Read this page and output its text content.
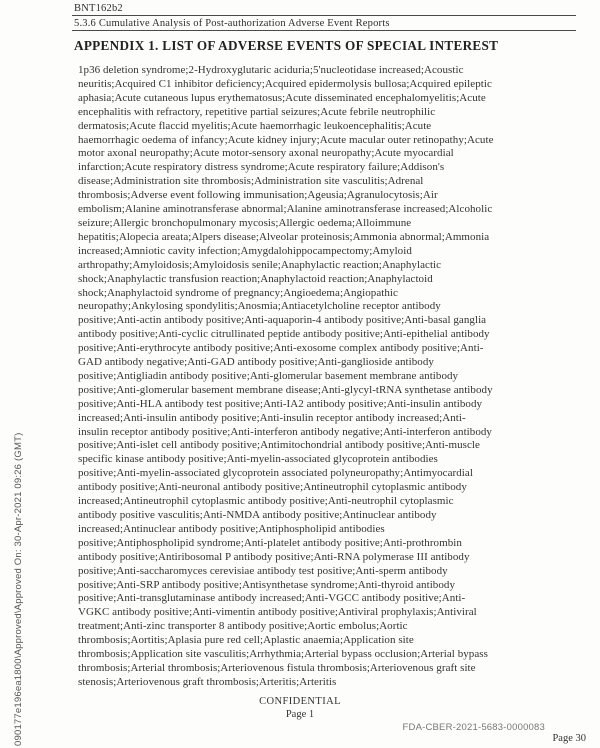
BNT162b2
5.3.6 Cumulative Analysis of Post-authorization Adverse Event Reports
APPENDIX 1. LIST OF ADVERSE EVENTS OF SPECIAL INTEREST
1p36 deletion syndrome;2-Hydroxyglutaric aciduria;5'nucleotidase increased;Acoustic
neuritis;Acquired C1 inhibitor deficiency;Acquired epidermolysis bullosa;Acquired epileptic
aphasia;Acute cutaneous lupus erythematosus;Acute disseminated encephalomyelitis;Acute
encephalitis with refractory, repetitive partial seizures;Acute febrile neutrophilic
dermatosis;Acute flaccid myelitis;Acute haemorrhagic leukoencephalitis;Acute
haemorrhagic oedema of infancy;Acute kidney injury;Acute macular outer retinopathy;Acute
motor axonal neuropathy;Acute motor-sensory axonal neuropathy;Acute myocardial
infarction;Acute respiratory distress syndrome;Acute respiratory failure;Addison's
disease;Administration site thrombosis;Administration site vasculitis;Adrenal
thrombosis;Adverse event following immunisation;Ageusia;Agranulocytosis;Air
embolism;Alanine aminotransferase abnormal;Alanine aminotransferase increased;Alcoholic
seizure;Allergic bronchopulmonary mycosis;Allergic oedema;Alloimmune
hepatitis;Alopecia areata;Alpers disease;Alveolar proteinosis;Ammonia abnormal;Ammonia
increased;Amniotic cavity infection;Amygdalohippocampectomy;Amyloid
arthropathy;Amyloidosis;Amyloidosis senile;Anaphylactic reaction;Anaphylactic
shock;Anaphylactic transfusion reaction;Anaphylactoid reaction;Anaphylactoid
shock;Anaphylactoid syndrome of pregnancy;Angioedema;Angiopathic
neuropathy;Ankylosing spondylitis;Anosmia;Antiacetylcholine receptor antibody
positive;Anti-actin antibody positive;Anti-aquaporin-4 antibody positive;Anti-basal ganglia
antibody positive;Anti-cyclic citrullinated peptide antibody positive;Anti-epithelial antibody
positive;Anti-erythrocyte antibody positive;Anti-exosome complex antibody positive;Anti-
GAD antibody negative;Anti-GAD antibody positive;Anti-ganglioside antibody
positive;Antigliadin antibody positive;Anti-glomerular basement membrane antibody
positive;Anti-glomerular basement membrane disease;Anti-glycyl-tRNA synthetase antibody
positive;Anti-HLA antibody test positive;Anti-IA2 antibody positive;Anti-insulin antibody
increased;Anti-insulin antibody positive;Anti-insulin receptor antibody increased;Anti-
insulin receptor antibody positive;Anti-interferon antibody negative;Anti-interferon antibody
positive;Anti-islet cell antibody positive;Antimitochondrial antibody positive;Anti-muscle
specific kinase antibody positive;Anti-myelin-associated glycoprotein antibodies
positive;Anti-myelin-associated glycoprotein associated polyneuropathy;Antimyocardial
antibody positive;Anti-neuronal antibody positive;Antineutrophil cytoplasmic antibody
increased;Antineutrophil cytoplasmic antibody positive;Anti-neutrophil cytoplasmic
antibody positive vasculitis;Anti-NMDA antibody positive;Antinuclear antibody
increased;Antinuclear antibody positive;Antiphospholipid antibodies
positive;Antiphospholipid syndrome;Anti-platelet antibody positive;Anti-prothrombin
antibody positive;Antiribosomal P antibody positive;Anti-RNA polymerase III antibody
positive;Anti-saccharomyces cerevisiae antibody test positive;Anti-sperm antibody
positive;Anti-SRP antibody positive;Antisynthetase syndrome;Anti-thyroid antibody
positive;Anti-transglutaminase antibody increased;Anti-VGCC antibody positive;Anti-
VGKC antibody positive;Anti-vimentin antibody positive;Antiviral prophylaxis;Antiviral
treatment;Anti-zinc transporter 8 antibody positive;Aortic embolus;Aortic
thrombosis;Aortitis;Aplasia pure red cell;Aplastic anaemia;Application site
thrombosis;Application site vasculitis;Arrhythmia;Arterial bypass occlusion;Arterial bypass
thrombosis;Arterial thrombosis;Arteriovenous fistula thrombosis;Arteriovenous graft site
stenosis;Arteriovenous graft thrombosis;Arteritis;Arteritis
090177e196ea1800\Approved\Approved On: 30-Apr-2021 09:26 (GMT)	CONFIDENTIAL
Page 1
FDA-CBER-2021-5683-0000083
Page 30
